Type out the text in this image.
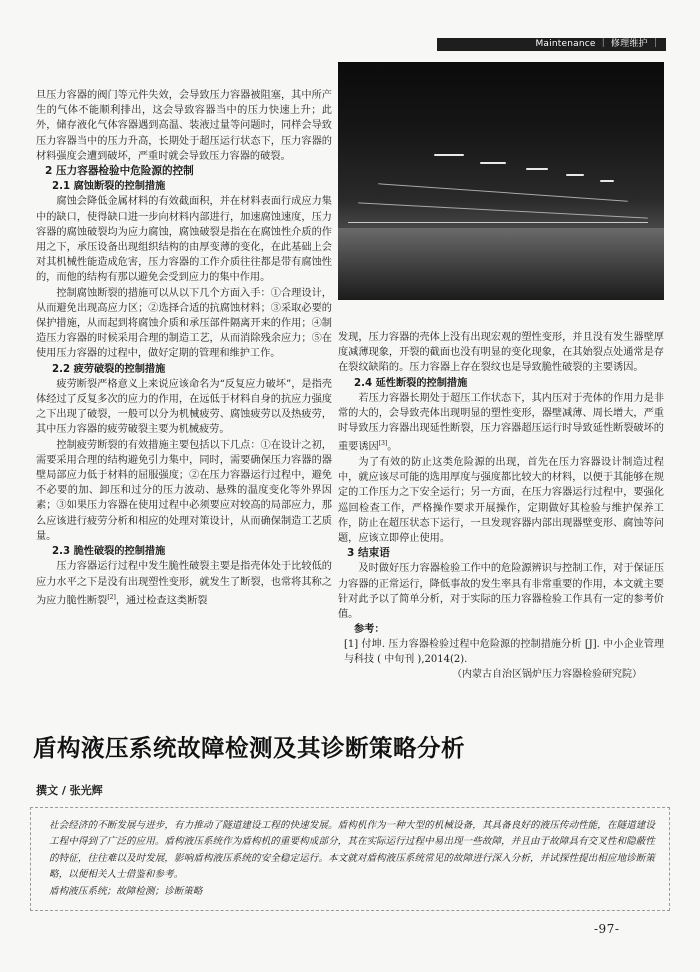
Maintenance ｜ 修理维护 ｜

旦压力容器的阀门等元件失效，会导致压力容器被阻塞，其中所产生的气体不能顺利排出，这会导致容器当中的压力快速上升；此外，储存液化气体容器遇到高温、装液过量等问题时，同样会导致压力容器当中的压力升高，长期处于超压运行状态下，压力容器的材料强度会遭到破坏，严重时就会导致压力容器的破裂。

2 压力容器检验中危险源的控制
2.1 腐蚀断裂的控制措施

腐蚀会降低金属材料的有效截面积，并在材料表面行成应力集中的缺口，使得缺口进一步向材料内部进行，加速腐蚀速度，压力容器的腐蚀破裂均为应力腐蚀，腐蚀破裂是指在在腐蚀性介质的作用之下，承压设备出现组织结构的由厚变薄的变化，在此基础上会对其机械性能造成危害，压力容器的工作介质往往都是带有腐蚀性的，而他的结构有那以避免会受到应力的集中作用。

控制腐蚀断裂的措施可以从以下几个方面入手：①合理设计，从而避免出现高应力区；②选择合适的抗腐蚀材料；③采取必要的保护措施，从而起到将腐蚀介质和承压部件隔离开来的作用；④制造压力容器的时候采用合理的制造工艺，从而消除残余应力；⑤在使用压力容器的过程中，做好定期的管理和维护工作。

2.2 疲劳破裂的控制措施

疲劳断裂严格意义上来说应该命名为“反复应力破坏”，是指壳体经过了反复多次的应力的作用，在远低于材料自身的抗应力强度之下出现了破裂，一般可以分为机械疲劳、腐蚀疲劳以及热疲劳，其中压力容器的疲劳破裂主要为机械疲劳。

控制疲劳断裂的有效措施主要包括以下几点：①在设计之初，需要采用合理的结构避免引力集中，同时，需要确保压力容器的器壁局部应力低于材料的屈服强度；②在压力容器运行过程中，避免不必要的加、卸压和过分的压力波动、悬殊的温度变化等外界因素；③如果压力容器在使用过程中必须要应对较高的局部应力，那么应该进行疲劳分析和相应的处理对策设计，从而确保制造工艺质量。

2.3 脆性破裂的控制措施

压力容器运行过程中发生脆性破裂主要是指壳体处于比较低的应力水平之下是没有出现塑性变形，就发生了断裂，也常将其称之为应力脆性断裂[2]，通过检查这类断裂

发现，压力容器的壳体上没有出现宏观的塑性变形，并且没有发生器壁厚度减薄现象，开裂的截面也没有明显的变化现象，在其始裂点处通常是存在裂纹缺陷的。压力容器上存在裂纹也是导致脆性破裂的主要诱因。

2.4 延性断裂的控制措施

若压力容器长期处于超压工作状态下，其内压对于壳体的作用力是非常的大的，会导致壳体出现明显的塑性变形，器壁减薄、周长增大，严重时导致压力容器出现延性断裂，压力容器超压运行时导致延性断裂破坏的重要诱因[3]。

为了有效的防止这类危险源的出现，首先在压力容器设计制造过程中，就应该尽可能的选用厚度与强度都比较大的材料，以便于其能够在规定的工作压力之下安全运行；另一方面，在压力容器运行过程中，要强化巡回检查工作，严格操作要求开展操作，定期做好其检验与维护保养工作，防止在超压状态下运行，一旦发现容器内部出现器壁变形、腐蚀等问题，应该立即停止使用。

3 结束语

及时做好压力容器检验工作中的危险源辨识与控制工作，对于保证压力容器的正常运行，降低事故的发生率具有非常重要的作用，本文就主要针对此予以了简单分析，对于实际的压力容器检验工作具有一定的参考价值。

参考：
[1] 付坤. 压力容器检验过程中危险源的控制措施分析 [J]. 中小企业管理与科技 ( 中旬刊 ),2014(2).
（内蒙古自治区锅炉压力容器检验研究院）
盾构液压系统故障检测及其诊断策略分析
撰文 / 张光辉
社会经济的不断发展与进步，有力推动了隧道建设工程的快速发展。盾构机作为一种大型的机械设备，其具备良好的液压传动性能，在隧道建设工程中得到了广泛的应用。盾构液压系统作为盾构机的重要构成部分，其在实际运行过程中易出现一些故障，并且由于故障具有交叉性和隐蔽性的特征，往往难以及时发展，影响盾构液压系统的安全稳定运行。本文就对盾构液压系统常见的故障进行深入分析，并试探性提出相应地诊断策略，以便相关人士借鉴和参考。
盾构液压系统；故障检测；诊断策略
-97-
